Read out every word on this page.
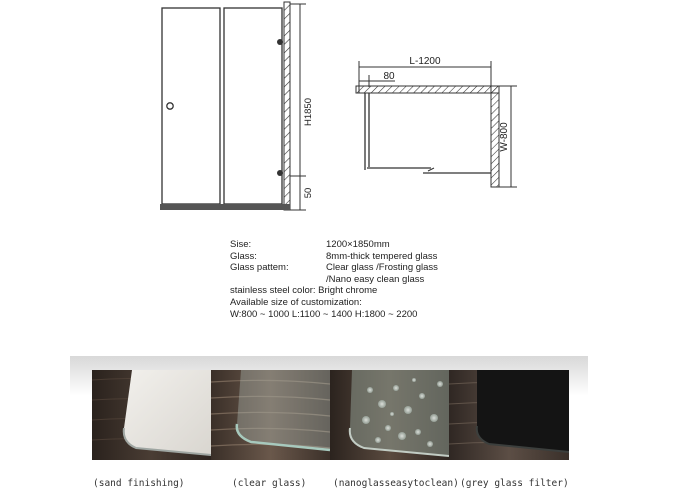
H1850
50
L-1200
80
W-800
Sise:	1200×1850mm
Glass:	8mm-thick tempered glass
Glass pattem:	Clear glass /Frosting glass
/Nano easy clean glass
stainless steel color: Bright chrome
Available size of customization:
W:800 ~ 1000 L:1100 ~ 1400 H:1800 ~ 2200
(sand finishing)	(clear glass)	(nanoglasseasytoclean) (grey glass filter)
